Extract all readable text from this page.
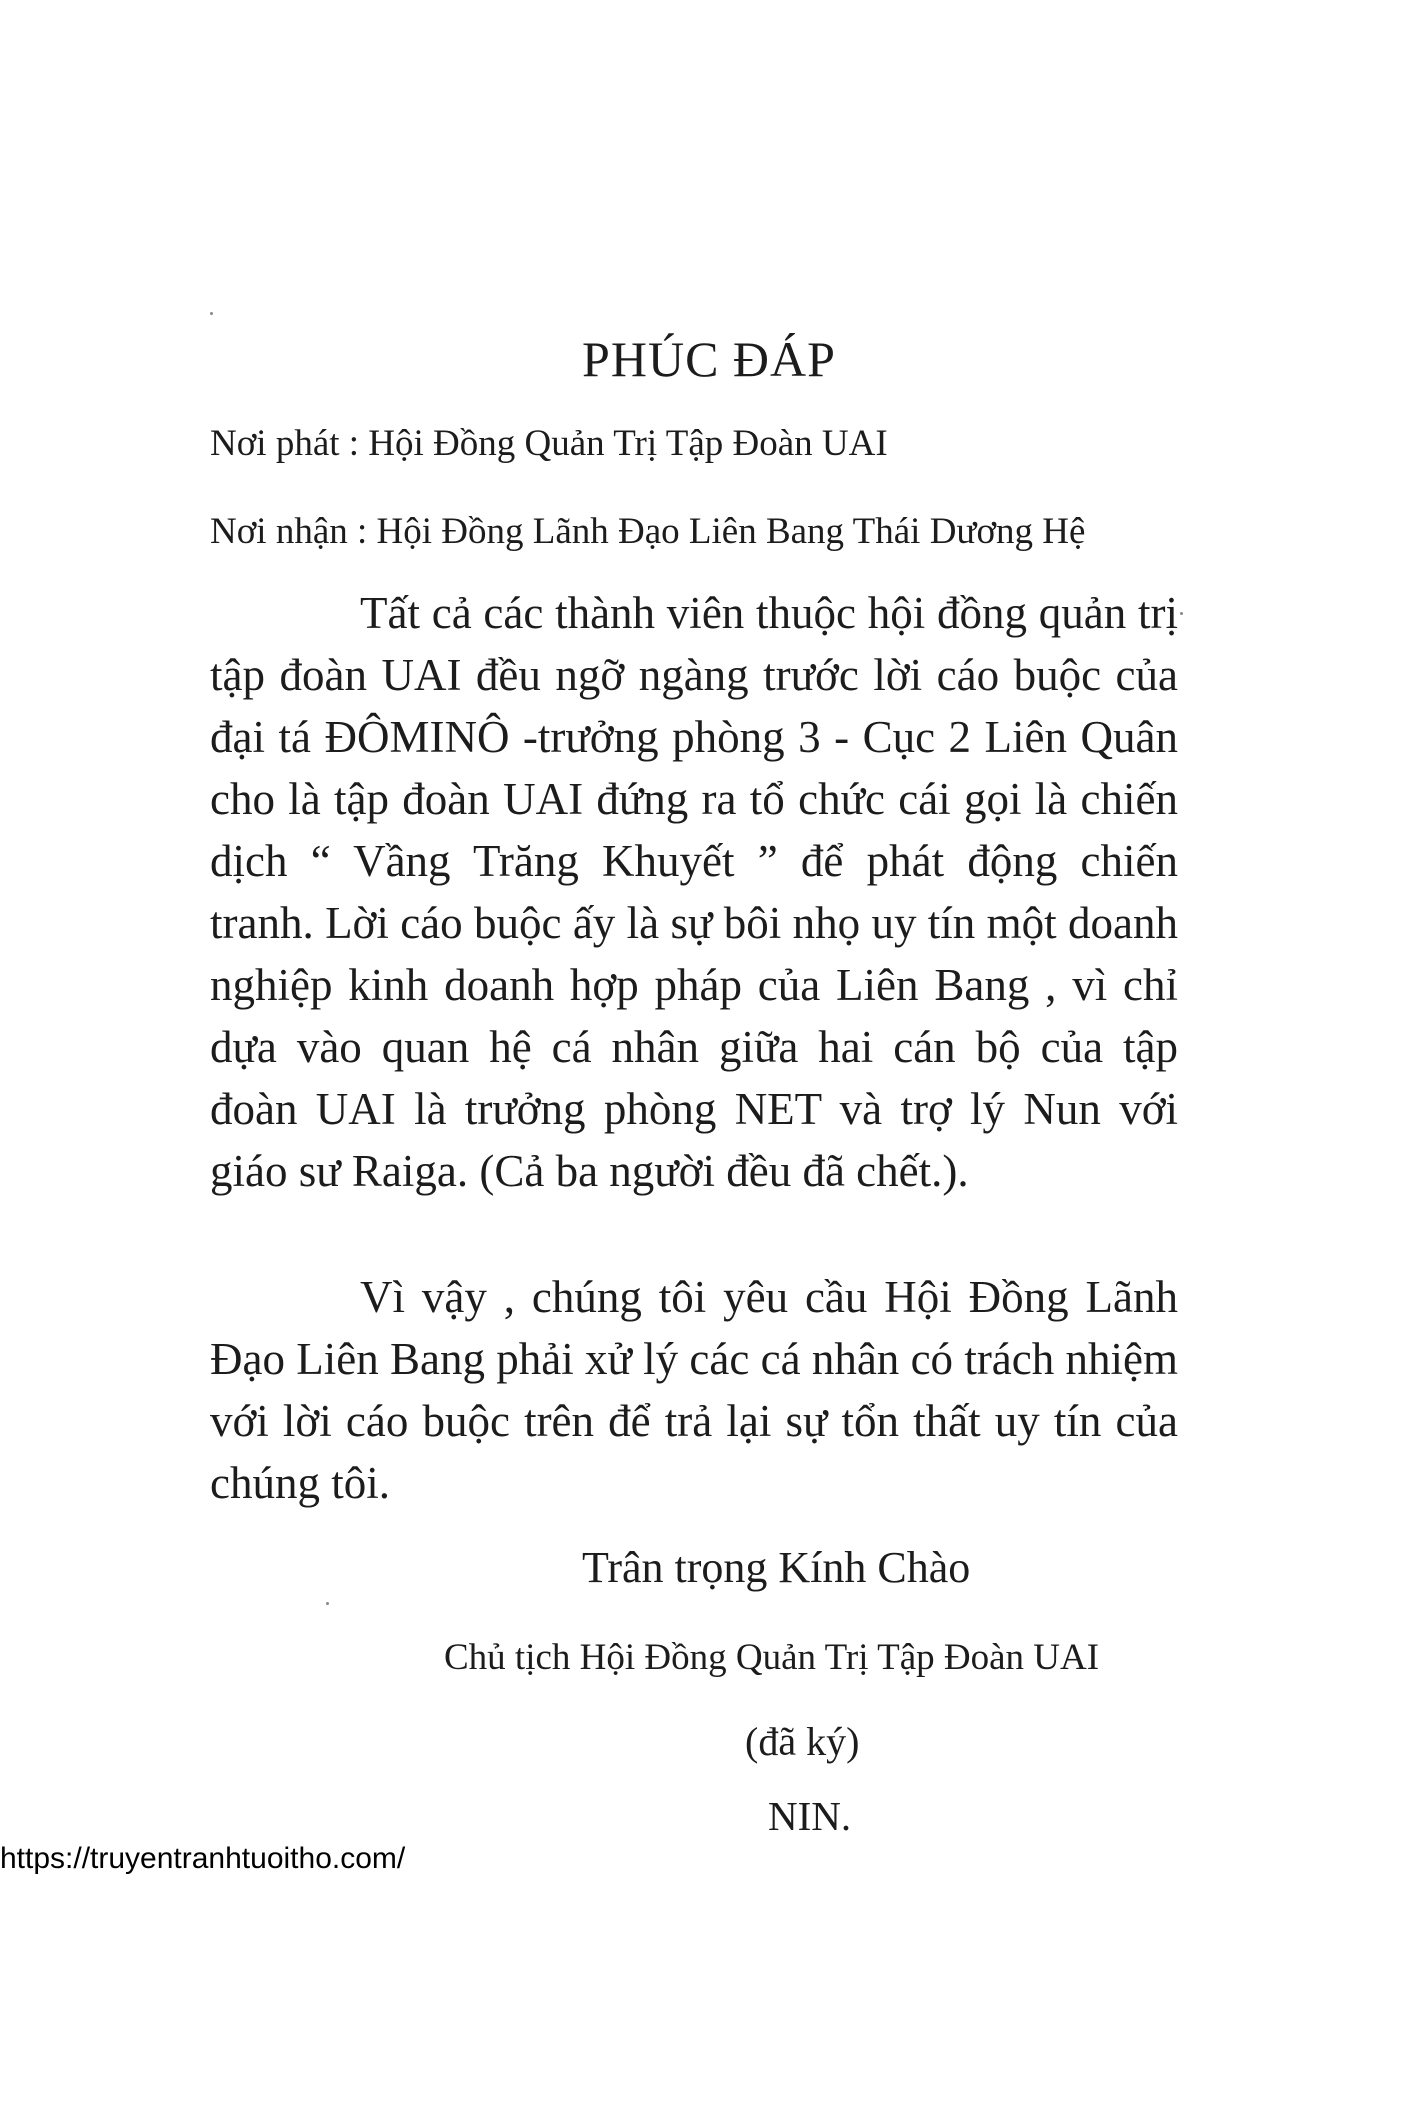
PHÚC ĐÁP
Nơi phát : Hội Đồng Quản Trị Tập Đoàn UAI
Nơi nhận : Hội Đồng Lãnh Đạo Liên Bang Thái Dương Hệ

Tất cả các thành viên thuộc hội đồng quản trị tập đoàn UAI đều ngỡ ngàng trước lời cáo buộc của đại tá ĐÔMINÔ -trưởng phòng 3 - Cục 2 Liên Quân cho là tập đoàn UAI đứng ra tổ chức cái gọi là chiến dịch “ Vầng Trăng Khuyết ” để phát động chiến tranh. Lời cáo buộc ấy là sự bôi nhọ uy tín một doanh nghiệp kinh doanh hợp pháp của Liên Bang , vì chỉ dựa vào quan hệ cá nhân giữa hai cán bộ của tập đoàn UAI là trưởng phòng NET và trợ lý Nun với giáo sư Raiga. (Cả ba người đều đã chết.).

Vì vậy , chúng tôi yêu cầu Hội Đồng Lãnh Đạo Liên Bang phải xử lý các cá nhân có trách nhiệm với lời cáo buộc trên để trả lại sự tổn thất uy tín của chúng tôi.

Trân trọng Kính Chào
Chủ tịch Hội Đồng Quản Trị Tập Đoàn UAI
(đã ký)
NIN.
https://truyentranhtuoitho.com/
